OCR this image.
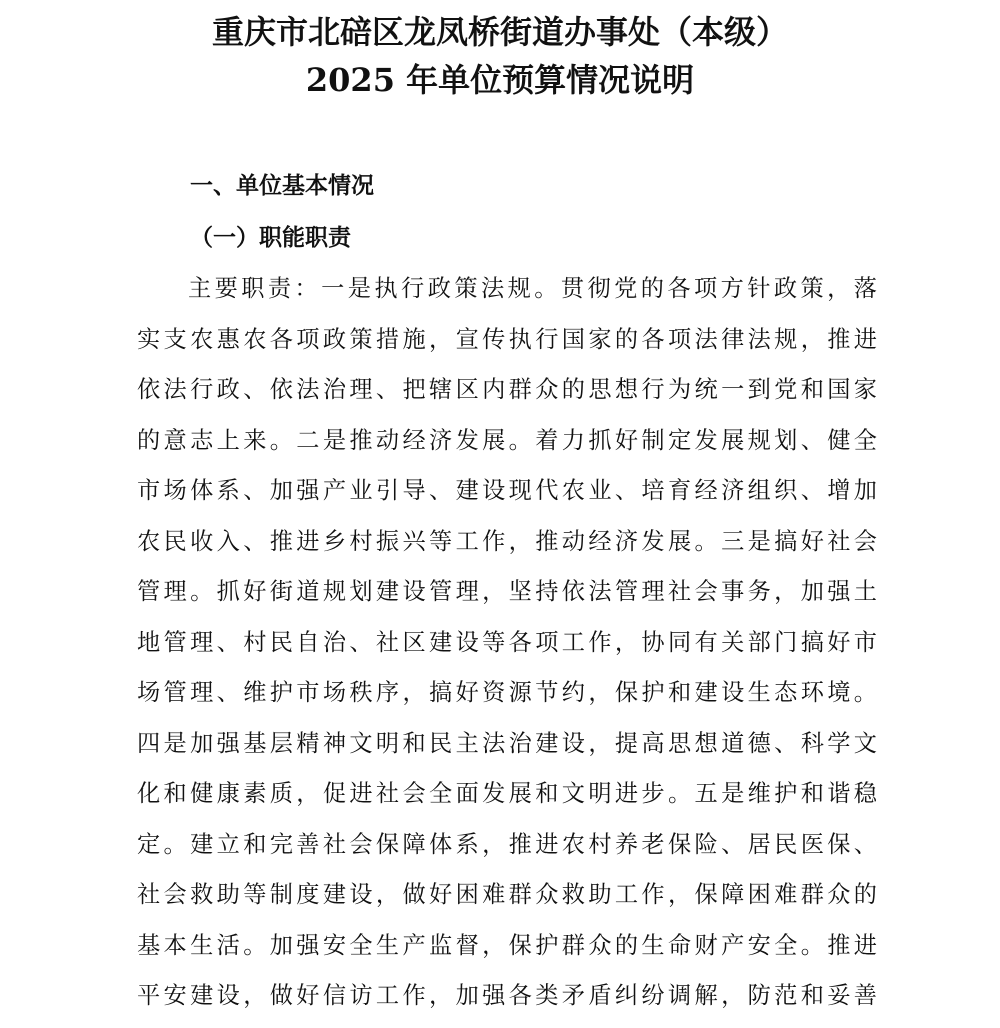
重庆市北碚区龙凤桥街道办事处（本级）
2025 年单位预算情况说明
一、单位基本情况
（一）职能职责
主要职责：一是执行政策法规。贯彻党的各项方针政策，落
实支农惠农各项政策措施，宣传执行国家的各项法律法规，推进
依法行政、依法治理、把辖区内群众的思想行为统一到党和国家
的意志上来。二是推动经济发展。着力抓好制定发展规划、健全
市场体系、加强产业引导、建设现代农业、培育经济组织、增加
农民收入、推进乡村振兴等工作，推动经济发展。三是搞好社会
管理。抓好街道规划建设管理，坚持依法管理社会事务，加强土
地管理、村民自治、社区建设等各项工作，协同有关部门搞好市
场管理、维护市场秩序，搞好资源节约，保护和建设生态环境。
四是加强基层精神文明和民主法治建设，提高思想道德、科学文
化和健康素质，促进社会全面发展和文明进步。五是维护和谐稳
定。建立和完善社会保障体系，推进农村养老保险、居民医保、
社会救助等制度建设，做好困难群众救助工作，保障困难群众的
基本生活。加强安全生产监督，保护群众的生命财产安全。推进
平安建设，做好信访工作，加强各类矛盾纠纷调解，防范和妥善
